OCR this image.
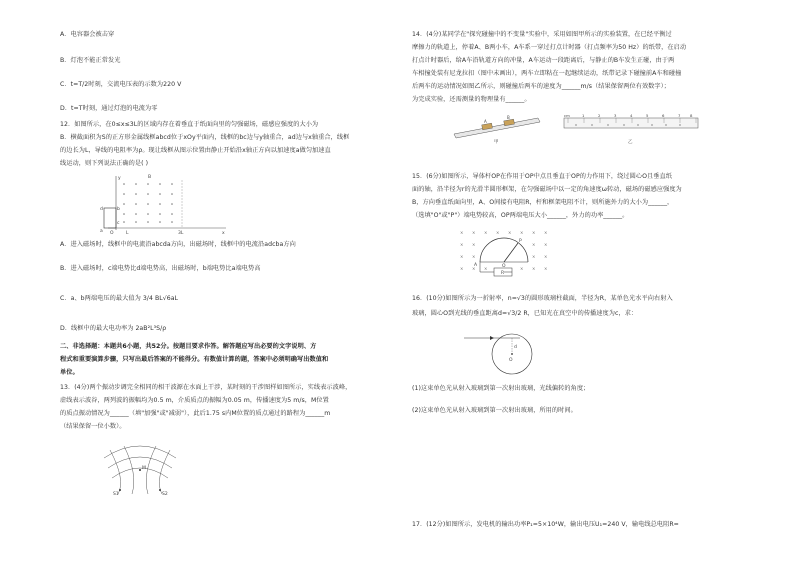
A．电容器会被击穿
B．灯泡不能正常发光
C．t=T/2时刻，交流电压表的示数为220 V
D．t=T时刻，通过灯泡的电流为零
12．如图所示，在0≤x≤3L的区域内存在着垂直于纸面向里的匀强磁场，磁感应强度的大小为
B．横截面积为S的正方形金属线框abcd位于xOy平面内，线框的bc边与y轴重合，ad边与x轴重合，线框
的边长为L，导线的电阻率为ρ。现让线框从图示位置由静止开始沿x轴正方向以加速度a做匀加速直
线运动，则下列说法正确的是( )
y
d
a
b
c
O	L	3L	x
B
A．进入磁场时，线框中的电流沿abcda方向，出磁场时，线框中的电流沿adcba方向
B．进入磁场时，c端电势比d端电势高，出磁场时，b端电势比a端电势高
C．a、b两端电压的最大值为 3/4 BL√6aL
D．线框中的最大电功率为 2aB²L³S/ρ
二、非选择题：本题共6小题，共52分。按题目要求作答。解答题应写出必要的文字说明、方
程式和重要演算步骤，只写出最后答案的不能得分。有数值计算的题，答案中必须明确写出数值和
单位。
13．(4分)两个振动步调完全相同的相干波源在水面上干涉，某时刻的干涉图样如图所示，实线表示波峰，
虚线表示波谷，两列波的振幅均为0.5 m，介质质点的振幅为0.05 m，传播速度为5 m/s，M位置
的质点振动情况为______（填"加强"或"减弱"），此后1.75 s内M位置的质点通过的路程为______m
（结果保留一位小数）。
S1
M
S2
14．(4分)某同学在"探究碰撞中的不变量"实验中，采用如图甲所示的实验装置，在已经平衡过
摩擦力的轨道上，停着A、B两小车，A车系一穿过打点计时器（打点频率为50 Hz）的纸带，在启动
打点计时器后，给A车沿轨道方向的冲量，A车运动一段距离后，与静止的B车发生正碰，由于两
车相撞处装有尼龙拉扣（图中未画出），两车立即粘在一起继续运动，纸带记录下碰撞前A车和碰撞
后两车的运动情况如图乙所示，则碰撞后两车的速度为______m/s（结果保留两位有效数字）；
为完成实验，还需测量的物理量有______。
A
B
甲
1	2	3	4	5	6	7	8
cm
乙
15．(6分)如图所示，导体杆OP在作用于OP中点且垂直于OP的力作用下，绕过圆心O且垂直纸
面的轴，沿半径为r的光滑半圆形框架，在匀强磁场中以一定的角速度ω转动，磁场的磁感应强度为
B，方向垂直纸面向里，A、O间接有电阻R，杆和框架电阻不计，则所施外力的大小为______，
（选填"O"或"P"）端电势较高，OP两端电压大小______，外力的功率______。
× × × × × × × ×
× ×	× ×
× ×	× ×
× × ×	× × ×
P
O
A
R
16．(10分)如图所示为一折射率，n=√3的圆形玻璃柱截面，半径为R，某单色光水平向右射入
玻璃，圆心O到光线的垂直距离d=√3/2 R，已知光在真空中的传播速度为c，求：
d
O
(1)这束单色光从射入玻璃到第一次射出玻璃，光线偏转的角度；
(2)这束单色光从射入玻璃到第一次射出玻璃，所用的时间。
17．(12分)如图所示，发电机的输出功率P₁=5×10⁴W，输出电压U₁=240 V，输电线总电阻R=
